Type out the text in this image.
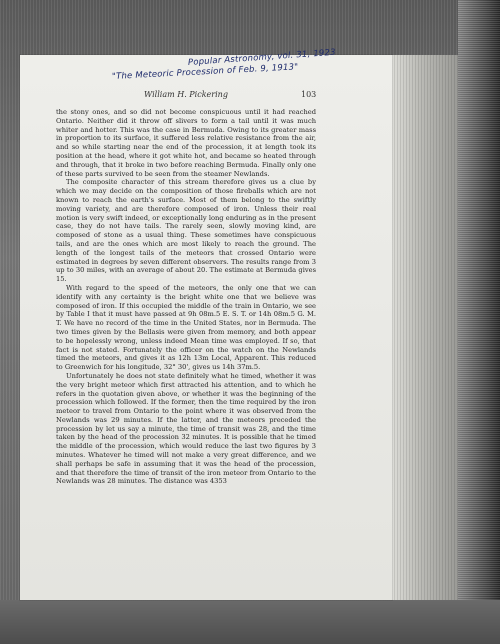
Popular Astronomy, vol. 31, 1923

"The Meteoric Procession of Feb. 9, 1913"

William H. Pickering	103

the stony ones, and so did not become conspicuous until it had reached Ontario. Neither did it throw off slivers to form a tail until it was much whiter and hotter. This was the case in Bermuda. Owing to its greater mass in proportion to its surface, it suffered less relative resistance from the air, and so while starting near the end of the procession, it at length took its position at the head, where it got white hot, and became so heated through and through, that it broke in two before reaching Bermuda. Finally only one of these parts survived to be seen from the steamer Newlands.

The composite character of this stream therefore gives us a clue by which we may decide on the composition of those fireballs which are not known to reach the earth's surface. Most of them belong to the swiftly moving variety, and are therefore composed of iron. Unless their real motion is very swift indeed, or exceptionally long enduring as in the present case, they do not have tails. The rarely seen, slowly moving kind, are composed of stone as a usual thing. These sometimes have conspicuous tails, and are the ones which are most likely to reach the ground. The length of the longest tails of the meteors that crossed Ontario were estimated in degrees by seven different observers. The results range from 3 up to 30 miles, with an average of about 20. The estimate at Bermuda gives 15.

With regard to the speed of the meteors, the only one that we can identify with any certainty is the bright white one that we believe was composed of iron. If this occupied the middle of the train in Ontario, we see by Table I that it must have passed at 9h 08m.5 E. S. T. or 14h 08m.5 G. M. T. We have no record of the time in the United States, nor in Bermuda. The two times given by the Bellasis were given from memory, and both appear to be hopelessly wrong, unless indeed Mean time was employed. If so, that fact is not stated. Fortunately the officer on the watch on the Newlands timed the meteors, and gives it as 12h 13m Local, Apparent. This reduced to Greenwich for his longitude, 32° 30', gives us 14h 37m.5.

Unfortunately he does not state definitely what he timed, whether it was the very bright meteor which first attracted his attention, and to which he refers in the quotation given above, or whether it was the beginning of the procession which followed. If the former, then the time required by the iron meteor to travel from Ontario to the point where it was observed from the Newlands was 29 minutes. If the latter, and the meteors preceded the procession by let us say a minute, the time of transit was 28, and the time taken by the head of the procession 32 minutes. It is possible that he timed the middle of the procession, which would reduce the last two figures by 3 minutes. Whatever he timed will not make a very great difference, and we shall perhaps be safe in assuming that it was the head of the procession, and that therefore the time of transit of the iron meteor from Ontario to the Newlands was 28 minutes. The distance was 4353
